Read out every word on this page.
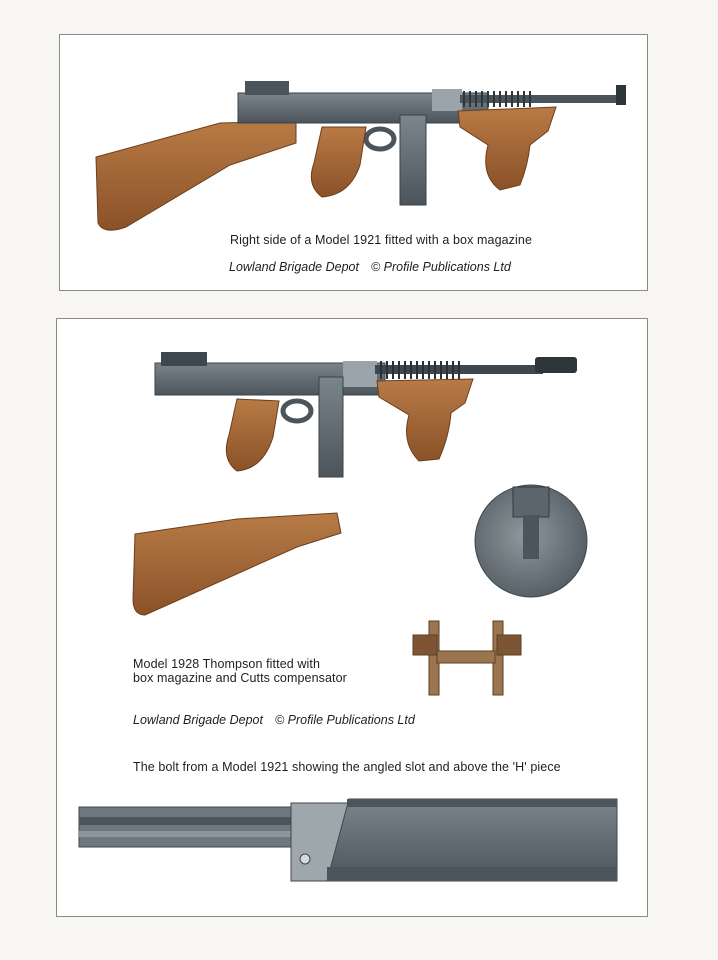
Right side of a Model 1921 fitted with a box magazine
Lowland Brigade Depot © Profile Publications Ltd
Model 1928 Thompson fitted with
box magazine and Cutts compensator
Lowland Brigade Depot © Profile Publications Ltd
The bolt from a Model 1921 showing the angled slot and above the 'H' piece
